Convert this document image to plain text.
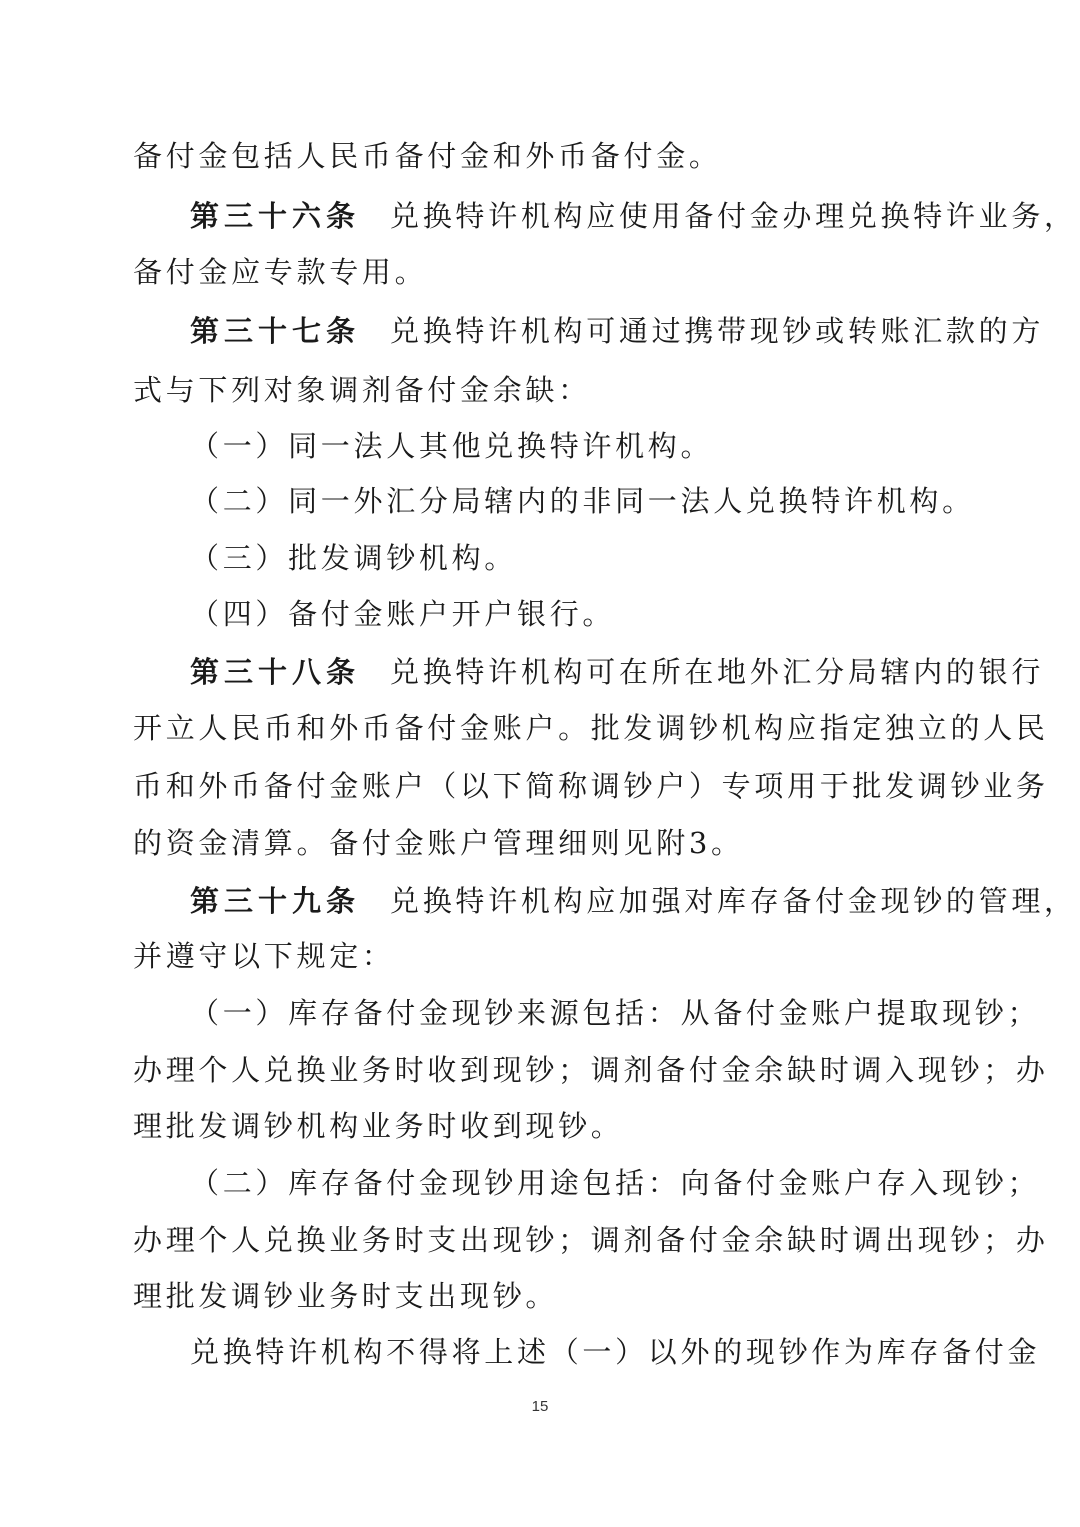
备付金包括人民币备付金和外币备付金。
第三十六条 兑换特许机构应使用备付金办理兑换特许业务，
备付金应专款专用。
第三十七条 兑换特许机构可通过携带现钞或转账汇款的方
式与下列对象调剂备付金余缺：
（一）同一法人其他兑换特许机构。
（二）同一外汇分局辖内的非同一法人兑换特许机构。
（三）批发调钞机构。
（四）备付金账户开户银行。
第三十八条 兑换特许机构可在所在地外汇分局辖内的银行
开立人民币和外币备付金账户。批发调钞机构应指定独立的人民
币和外币备付金账户（以下简称调钞户）专项用于批发调钞业务
的资金清算。备付金账户管理细则见附3。
第三十九条 兑换特许机构应加强对库存备付金现钞的管理，
并遵守以下规定：
（一）库存备付金现钞来源包括：从备付金账户提取现钞；
办理个人兑换业务时收到现钞；调剂备付金余缺时调入现钞；办
理批发调钞机构业务时收到现钞。
（二）库存备付金现钞用途包括：向备付金账户存入现钞；
办理个人兑换业务时支出现钞；调剂备付金余缺时调出现钞；办
理批发调钞业务时支出现钞。
兑换特许机构不得将上述（一）以外的现钞作为库存备付金
15
